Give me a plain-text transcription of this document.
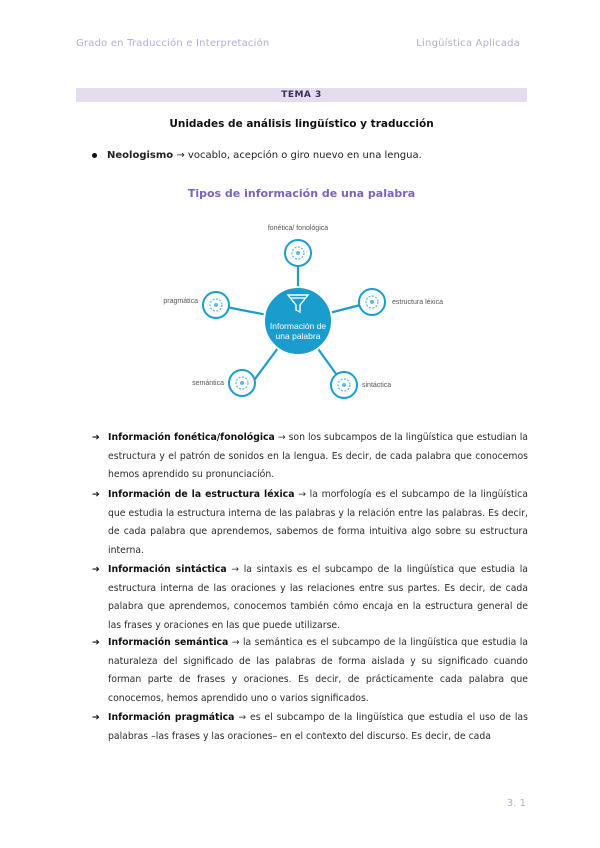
Grado en Traducción e Interpretación	Lingüística Aplicada
TEMA 3
Unidades de análisis lingüístico y traducción
Neologismo → vocablo, acepción o giro nuevo en una lengua.
Tipos de información de una palabra
Información de
una palabra
fonética/ fonológica
estructura léxica
sintáctica
semántica
pragmática
➔ Información fonética/fonológica → son los subcampos de la lingüística que estudian la estructura y el patrón de sonidos en la lengua. Es decir, de cada palabra que conocemos hemos aprendido su pronunciación.
➔ Información de la estructura léxica → la morfología es el subcampo de la lingüística que estudia la estructura interna de las palabras y la relación entre las palabras. Es decir, de cada palabra que aprendemos, sabemos de forma intuitiva algo sobre su estructura interna.
➔ Información sintáctica → la sintaxis es el subcampo de la lingüística que estudia la estructura interna de las oraciones y las relaciones entre sus partes. Es decir, de cada palabra que aprendemos, conocemos también cómo encaja en la estructura general de las frases y oraciones en las que puede utilizarse.
➔ Información semántica → la semántica es el subcampo de la lingüística que estudia la naturaleza del significado de las palabras de forma aislada y su significado cuando forman parte de frases y oraciones. Es decir, de prácticamente cada palabra que conocemos, hemos aprendido uno o varios significados.
➔ Información pragmática → es el subcampo de la lingüística que estudia el uso de las palabras –las frases y las oraciones– en el contexto del discurso. Es decir, de cada
3. 1
